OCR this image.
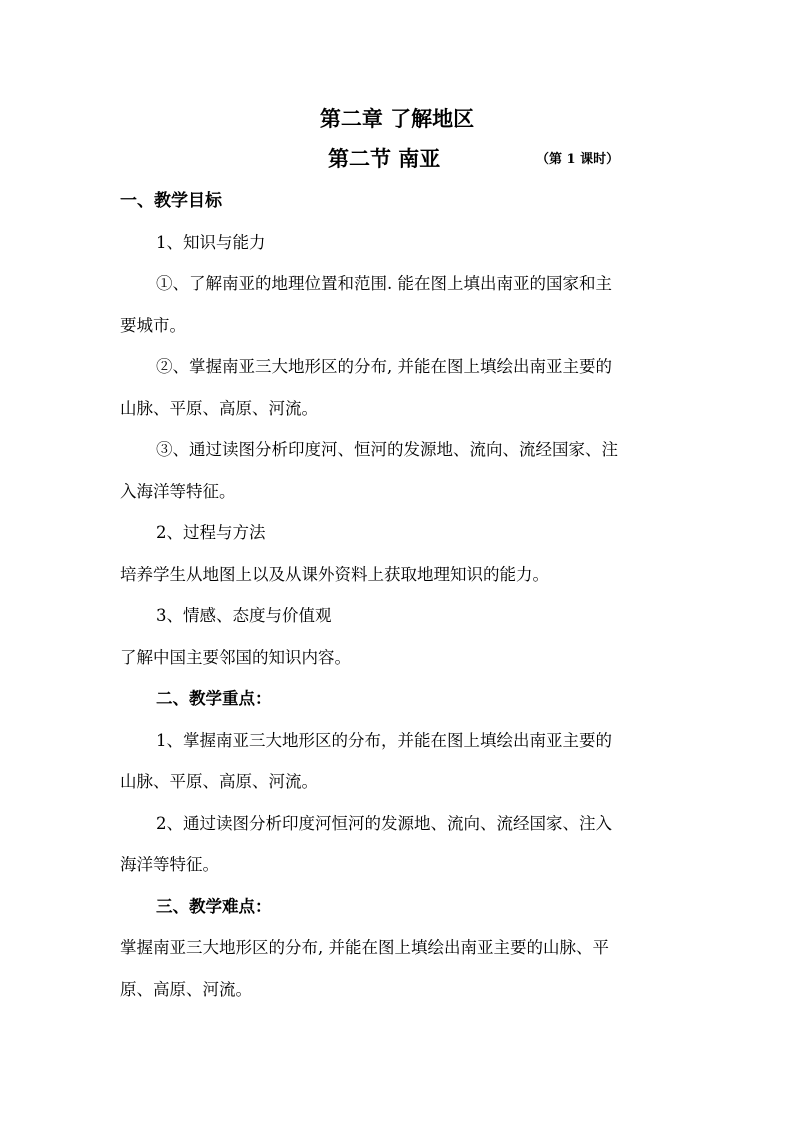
第二章 了解地区
第二节 南亚	（第 1 课时）
一、教学目标
1、知识与能力
①、了解南亚的地理位置和范围. 能在图上填出南亚的国家和主
要城市。
②、掌握南亚三大地形区的分布, 并能在图上填绘出南亚主要的
山脉、平原、高原、河流。
③、通过读图分析印度河、恒河的发源地、流向、流经国家、注
入海洋等特征。
2、过程与方法
培养学生从地图上以及从课外资料上获取地理知识的能力。
3、情感、态度与价值观
了解中国主要邻国的知识内容。
二、教学重点：
1、掌握南亚三大地形区的分布，并能在图上填绘出南亚主要的
山脉、平原、高原、河流。
2、通过读图分析印度河恒河的发源地、流向、流经国家、注入
海洋等特征。
三、教学难点：
掌握南亚三大地形区的分布, 并能在图上填绘出南亚主要的山脉、平
原、高原、河流。
